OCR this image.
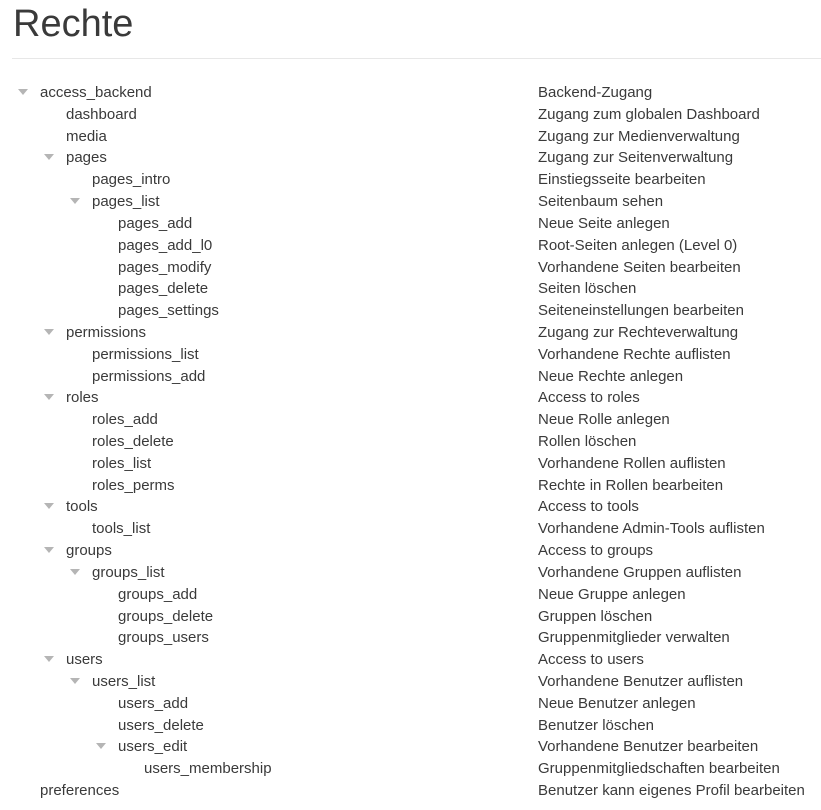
Rechte
access_backend	Backend-Zugang
dashboard	Zugang zum globalen Dashboard
media	Zugang zur Medienverwaltung
pages	Zugang zur Seitenverwaltung
pages_intro	Einstiegsseite bearbeiten
pages_list	Seitenbaum sehen
pages_add	Neue Seite anlegen
pages_add_l0	Root-Seiten anlegen (Level 0)
pages_modify	Vorhandene Seiten bearbeiten
pages_delete	Seiten löschen
pages_settings	Seiteneinstellungen bearbeiten
permissions	Zugang zur Rechteverwaltung
permissions_list	Vorhandene Rechte auflisten
permissions_add	Neue Rechte anlegen
roles	Access to roles
roles_add	Neue Rolle anlegen
roles_delete	Rollen löschen
roles_list	Vorhandene Rollen auflisten
roles_perms	Rechte in Rollen bearbeiten
tools	Access to tools
tools_list	Vorhandene Admin-Tools auflisten
groups	Access to groups
groups_list	Vorhandene Gruppen auflisten
groups_add	Neue Gruppe anlegen
groups_delete	Gruppen löschen
groups_users	Gruppenmitglieder verwalten
users	Access to users
users_list	Vorhandene Benutzer auflisten
users_add	Neue Benutzer anlegen
users_delete	Benutzer löschen
users_edit	Vorhandene Benutzer bearbeiten
users_membership	Gruppenmitgliedschaften bearbeiten
preferences	Benutzer kann eigenes Profil bearbeiten
